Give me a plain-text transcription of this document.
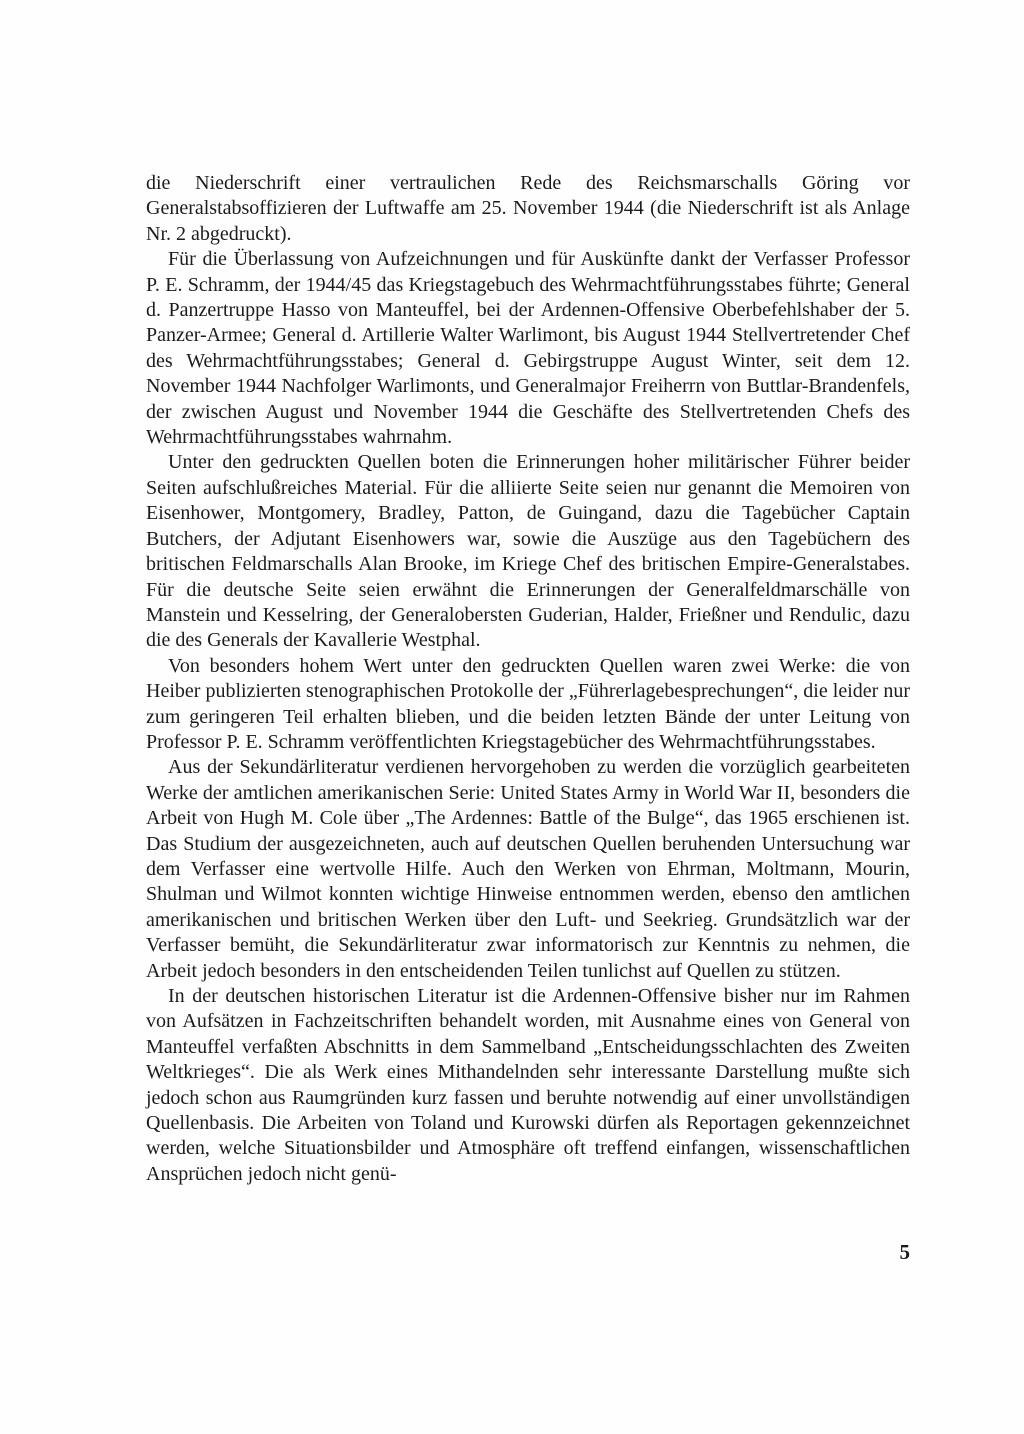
die Niederschrift einer vertraulichen Rede des Reichsmarschalls Göring vor Generalstabsoffizieren der Luftwaffe am 25. November 1944 (die Niederschrift ist als Anlage Nr. 2 abgedruckt).

Für die Überlassung von Aufzeichnungen und für Auskünfte dankt der Verfasser Professor P. E. Schramm, der 1944/45 das Kriegstagebuch des Wehrmachtführungsstabes führte; General d. Panzertruppe Hasso von Manteuffel, bei der Ardennen-Offensive Oberbefehlshaber der 5. Panzer-Armee; General d. Artillerie Walter Warlimont, bis August 1944 Stellvertretender Chef des Wehrmachtführungsstabes; General d. Gebirgstruppe August Winter, seit dem 12. November 1944 Nachfolger Warlimonts, und Generalmajor Freiherrn von Buttlar-Brandenfels, der zwischen August und November 1944 die Geschäfte des Stellvertretenden Chefs des Wehrmachtführungsstabes wahrnahm.

Unter den gedruckten Quellen boten die Erinnerungen hoher militärischer Führer beider Seiten aufschlußreiches Material. Für die alliierte Seite seien nur genannt die Memoiren von Eisenhower, Montgomery, Bradley, Patton, de Guingand, dazu die Tagebücher Captain Butchers, der Adjutant Eisenhowers war, sowie die Auszüge aus den Tagebüchern des britischen Feldmarschalls Alan Brooke, im Kriege Chef des britischen Empire-Generalstabes. Für die deutsche Seite seien erwähnt die Erinnerungen der Generalfeldmarschälle von Manstein und Kesselring, der Generalobersten Guderian, Halder, Frießner und Rendulic, dazu die des Generals der Kavallerie Westphal.

Von besonders hohem Wert unter den gedruckten Quellen waren zwei Werke: die von Heiber publizierten stenographischen Protokolle der „Führerlagebesprechungen“, die leider nur zum geringeren Teil erhalten blieben, und die beiden letzten Bände der unter Leitung von Professor P. E. Schramm veröffentlichten Kriegstagebücher des Wehrmachtführungsstabes.

Aus der Sekundärliteratur verdienen hervorgehoben zu werden die vorzüglich gearbeiteten Werke der amtlichen amerikanischen Serie: United States Army in World War II, besonders die Arbeit von Hugh M. Cole über „The Ardennes: Battle of the Bulge“, das 1965 erschienen ist. Das Studium der ausgezeichneten, auch auf deutschen Quellen beruhenden Untersuchung war dem Verfasser eine wertvolle Hilfe. Auch den Werken von Ehrman, Moltmann, Mourin, Shulman und Wilmot konnten wichtige Hinweise entnommen werden, ebenso den amtlichen amerikanischen und britischen Werken über den Luft- und Seekrieg. Grundsätzlich war der Verfasser bemüht, die Sekundärliteratur zwar informatorisch zur Kenntnis zu nehmen, die Arbeit jedoch besonders in den entscheidenden Teilen tunlichst auf Quellen zu stützen.

In der deutschen historischen Literatur ist die Ardennen-Offensive bisher nur im Rahmen von Aufsätzen in Fachzeitschriften behandelt worden, mit Ausnahme eines von General von Manteuffel verfaßten Abschnitts in dem Sammelband „Entscheidungsschlachten des Zweiten Weltkrieges“. Die als Werk eines Mithandelnden sehr interessante Darstellung mußte sich jedoch schon aus Raumgründen kurz fassen und beruhte notwendig auf einer unvollständigen Quellenbasis. Die Arbeiten von Toland und Kurowski dürfen als Reportagen gekennzeichnet werden, welche Situationsbilder und Atmosphäre oft treffend einfangen, wissenschaftlichen Ansprüchen jedoch nicht genü-

5
